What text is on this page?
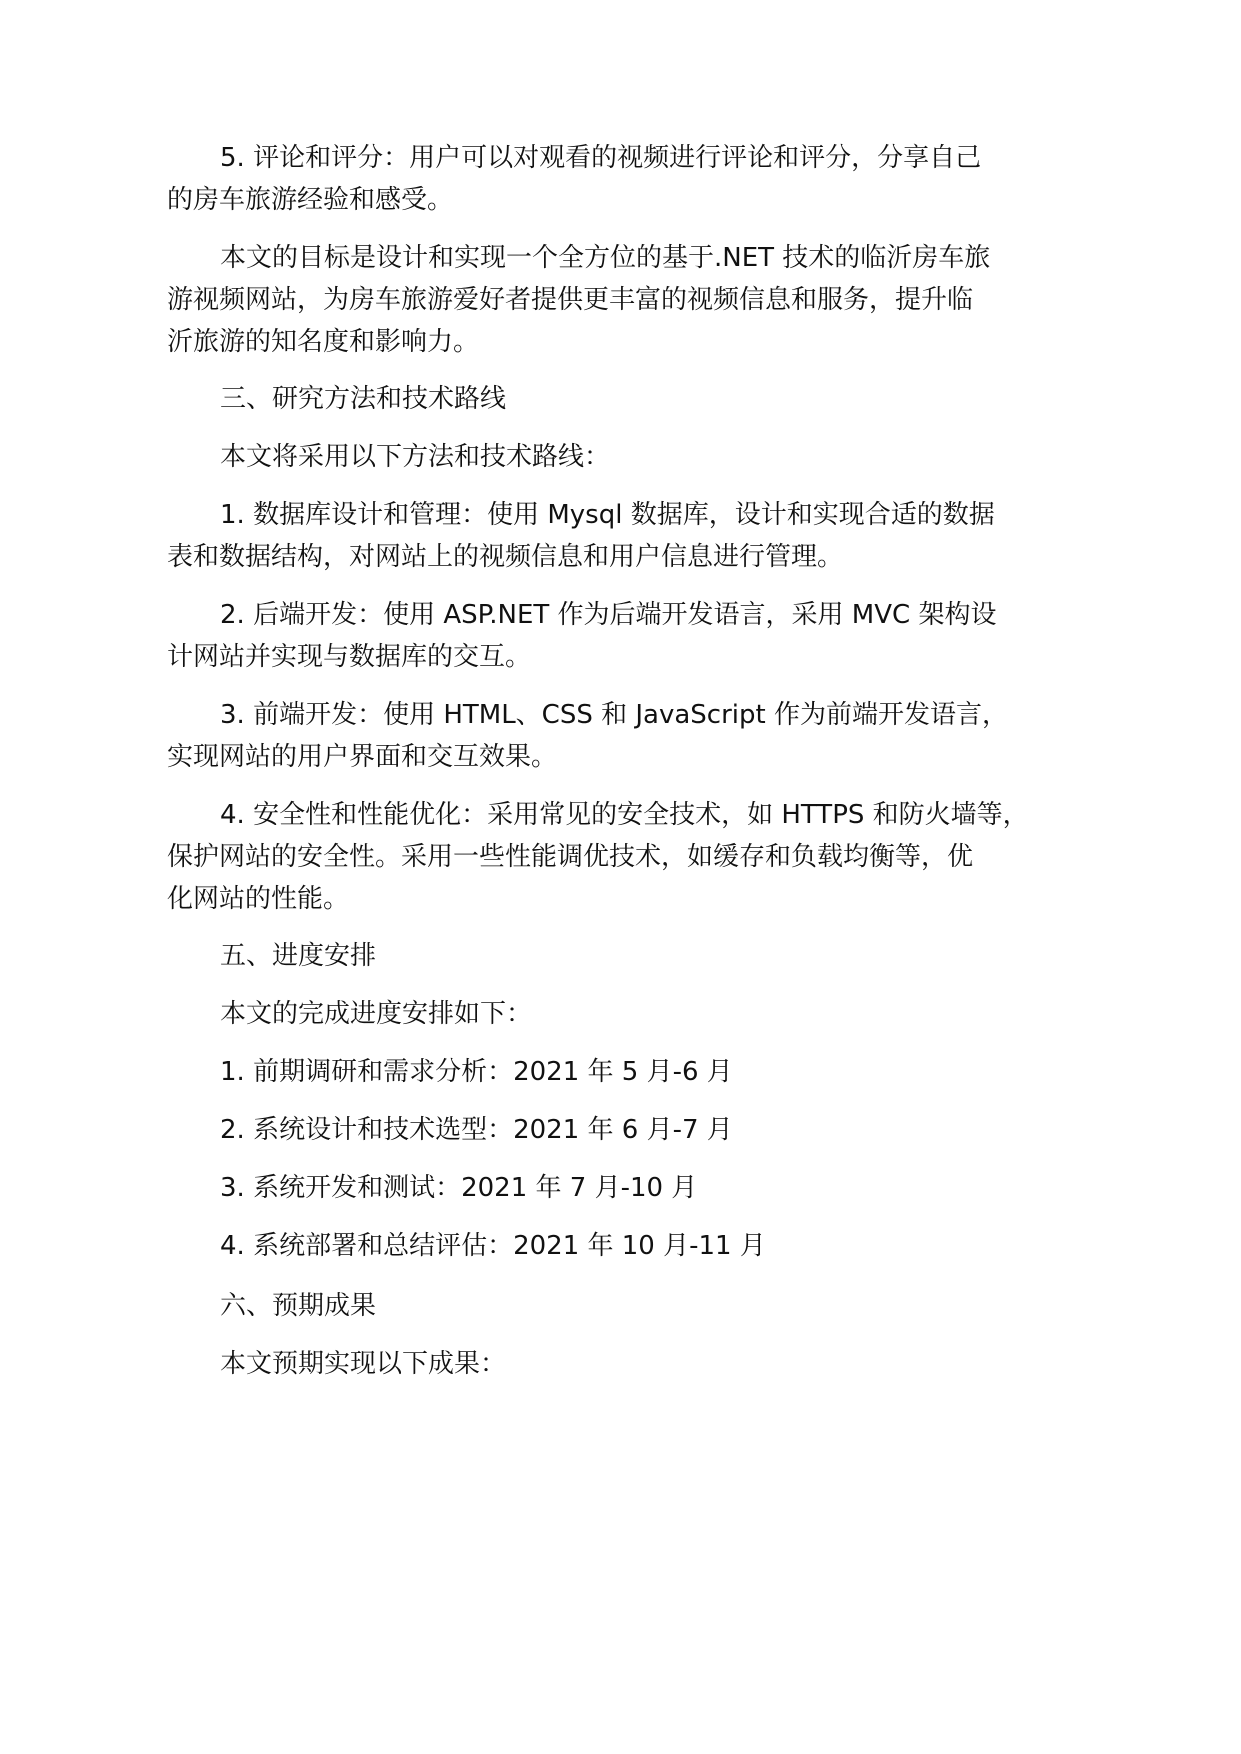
5. 评论和评分：用户可以对观看的视频进行评论和评分，分享自己
的房车旅游经验和感受。
本文的目标是设计和实现一个全方位的基于.NET 技术的临沂房车旅
游视频网站，为房车旅游爱好者提供更丰富的视频信息和服务，提升临
沂旅游的知名度和影响力。
三、研究方法和技术路线
本文将采用以下方法和技术路线：
1. 数据库设计和管理：使用 Mysql 数据库，设计和实现合适的数据
表和数据结构，对网站上的视频信息和用户信息进行管理。
2. 后端开发：使用 ASP.NET 作为后端开发语言，采用 MVC 架构设
计网站并实现与数据库的交互。
3. 前端开发：使用 HTML、CSS 和 JavaScript 作为前端开发语言，
实现网站的用户界面和交互效果。
4. 安全性和性能优化：采用常见的安全技术，如 HTTPS 和防火墙等，
保护网站的安全性。采用一些性能调优技术，如缓存和负载均衡等，优
化网站的性能。
五、进度安排
本文的完成进度安排如下：
1. 前期调研和需求分析：2021 年 5 月-6 月
2. 系统设计和技术选型：2021 年 6 月-7 月
3. 系统开发和测试：2021 年 7 月-10 月
4. 系统部署和总结评估：2021 年 10 月-11 月
六、预期成果
本文预期实现以下成果：
